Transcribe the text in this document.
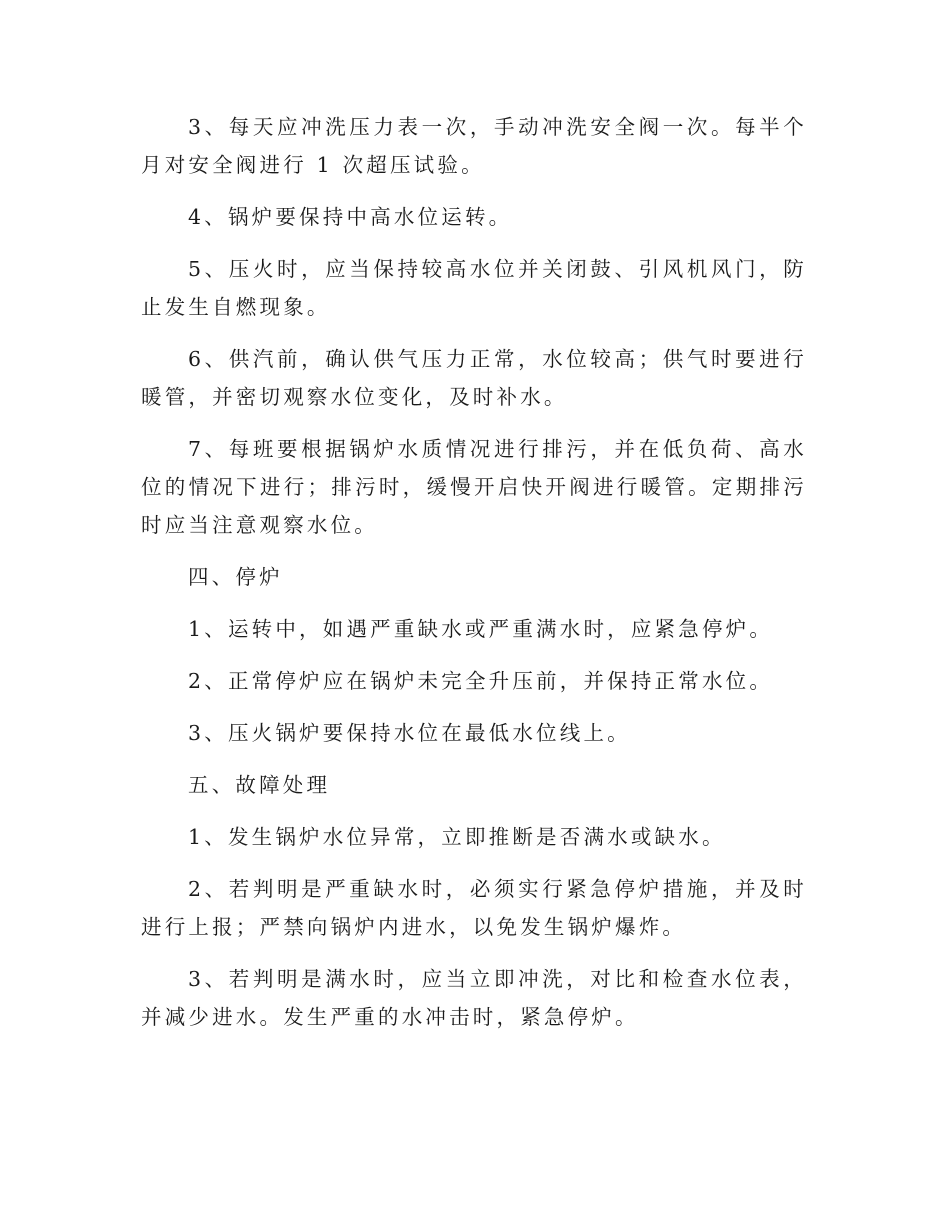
3、每天应冲洗压力表一次，手动冲洗安全阀一次。每半个月对安全阀进行 1 次超压试验。

4、锅炉要保持中高水位运转。

5、压火时，应当保持较高水位并关闭鼓、引风机风门，防止发生自燃现象。

6、供汽前，确认供气压力正常，水位较高；供气时要进行暖管，并密切观察水位变化，及时补水。

7、每班要根据锅炉水质情况进行排污，并在低负荷、高水位的情况下进行；排污时，缓慢开启快开阀进行暖管。定期排污时应当注意观察水位。

四、停炉

1、运转中，如遇严重缺水或严重满水时，应紧急停炉。

2、正常停炉应在锅炉未完全升压前，并保持正常水位。

3、压火锅炉要保持水位在最低水位线上。

五、故障处理

1、发生锅炉水位异常，立即推断是否满水或缺水。

2、若判明是严重缺水时，必须实行紧急停炉措施，并及时进行上报；严禁向锅炉内进水，以免发生锅炉爆炸。

3、若判明是满水时，应当立即冲洗，对比和检查水位表，并减少进水。发生严重的水冲击时，紧急停炉。
